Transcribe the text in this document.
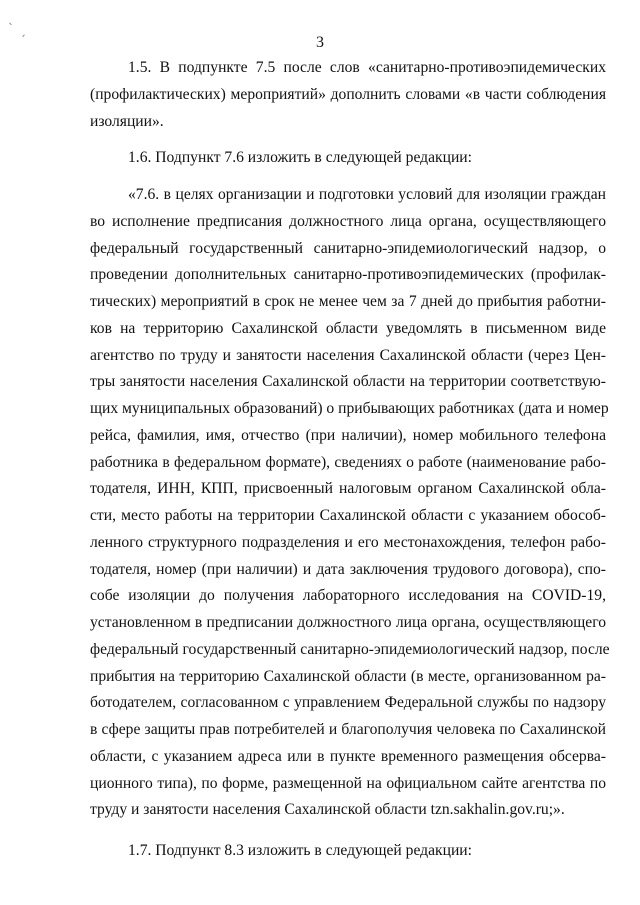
3
ˎ
ˏ
1.5. В подпункте 7.5 после слов «санитарно-противоэпидемических
(профилактических) мероприятий» дополнить словами «в части соблюдения
изоляции».
1.6. Подпункт 7.6 изложить в следующей редакции:
«7.6. в целях организации и подготовки условий для изоляции граждан
во исполнение предписания должностного лица органа, осуществляющего
федеральный государственный санитарно-эпидемиологический надзор, о
проведении дополнительных санитарно-противоэпидемических (профилак-
тических) мероприятий в срок не менее чем за 7 дней до прибытия работни-
ков на территорию Сахалинской области уведомлять в письменном виде
агентство по труду и занятости населения Сахалинской области (через Цен-
тры занятости населения Сахалинской области на территории соответствую-
щих муниципальных образований) о прибывающих работниках (дата и номер
рейса, фамилия, имя, отчество (при наличии), номер мобильного телефона
работника в федеральном формате), сведениях о работе (наименование рабо-
тодателя, ИНН, КПП, присвоенный налоговым органом Сахалинской обла-
сти, место работы на территории Сахалинской области с указанием обособ-
ленного структурного подразделения и его местонахождения, телефон рабо-
тодателя, номер (при наличии) и дата заключения трудового договора), спо-
собе изоляции до получения лабораторного исследования на COVID-19,
установленном в предписании должностного лица органа, осуществляющего
федеральный государственный санитарно-эпидемиологический надзор, после
прибытия на территорию Сахалинской области (в месте, организованном ра-
ботодателем, согласованном с управлением Федеральной службы по надзору
в сфере защиты прав потребителей и благополучия человека по Сахалинской
области, с указанием адреса или в пункте временного размещения обсерва-
ционного типа), по форме, размещенной на официальном сайте агентства по
труду и занятости населения Сахалинской области tzn.sakhalin.gov.ru;».
1.7. Подпункт 8.3 изложить в следующей редакции:
